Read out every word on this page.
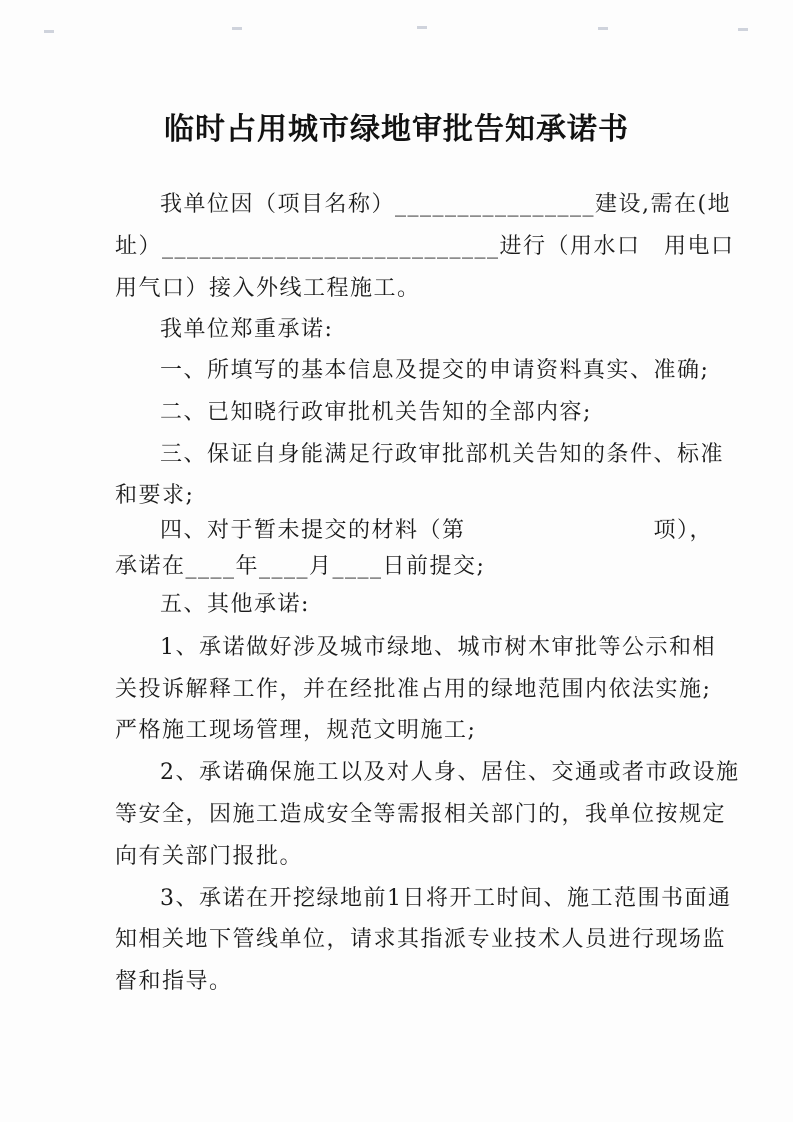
临时占用城市绿地审批告知承诺书
我单位因（项目名称）________________建设,需在(地
址）___________________________进行（用水口　用电口
用气口）接入外线工程施工。
我单位郑重承诺:
一、所填写的基本信息及提交的申请资料真实、准确;
二、已知晓行政审批机关告知的全部内容;
三、保证自身能满足行政审批部机关告知的条件、标准
和要求;
四、对于暂未提交的材料（第　　　　　　　　项），
承诺在____年____月____日前提交;
五、其他承诺:
1、承诺做好涉及城市绿地、城市树木审批等公示和相
关投诉解释工作，并在经批准占用的绿地范围内依法实施;
严格施工现场管理，规范文明施工;
2、承诺确保施工以及对人身、居住、交通或者市政设施
等安全，因施工造成安全等需报相关部门的，我单位按规定
向有关部门报批。
3、承诺在开挖绿地前1日将开工时间、施工范围书面通
知相关地下管线单位，请求其指派专业技术人员进行现场监
督和指导。
